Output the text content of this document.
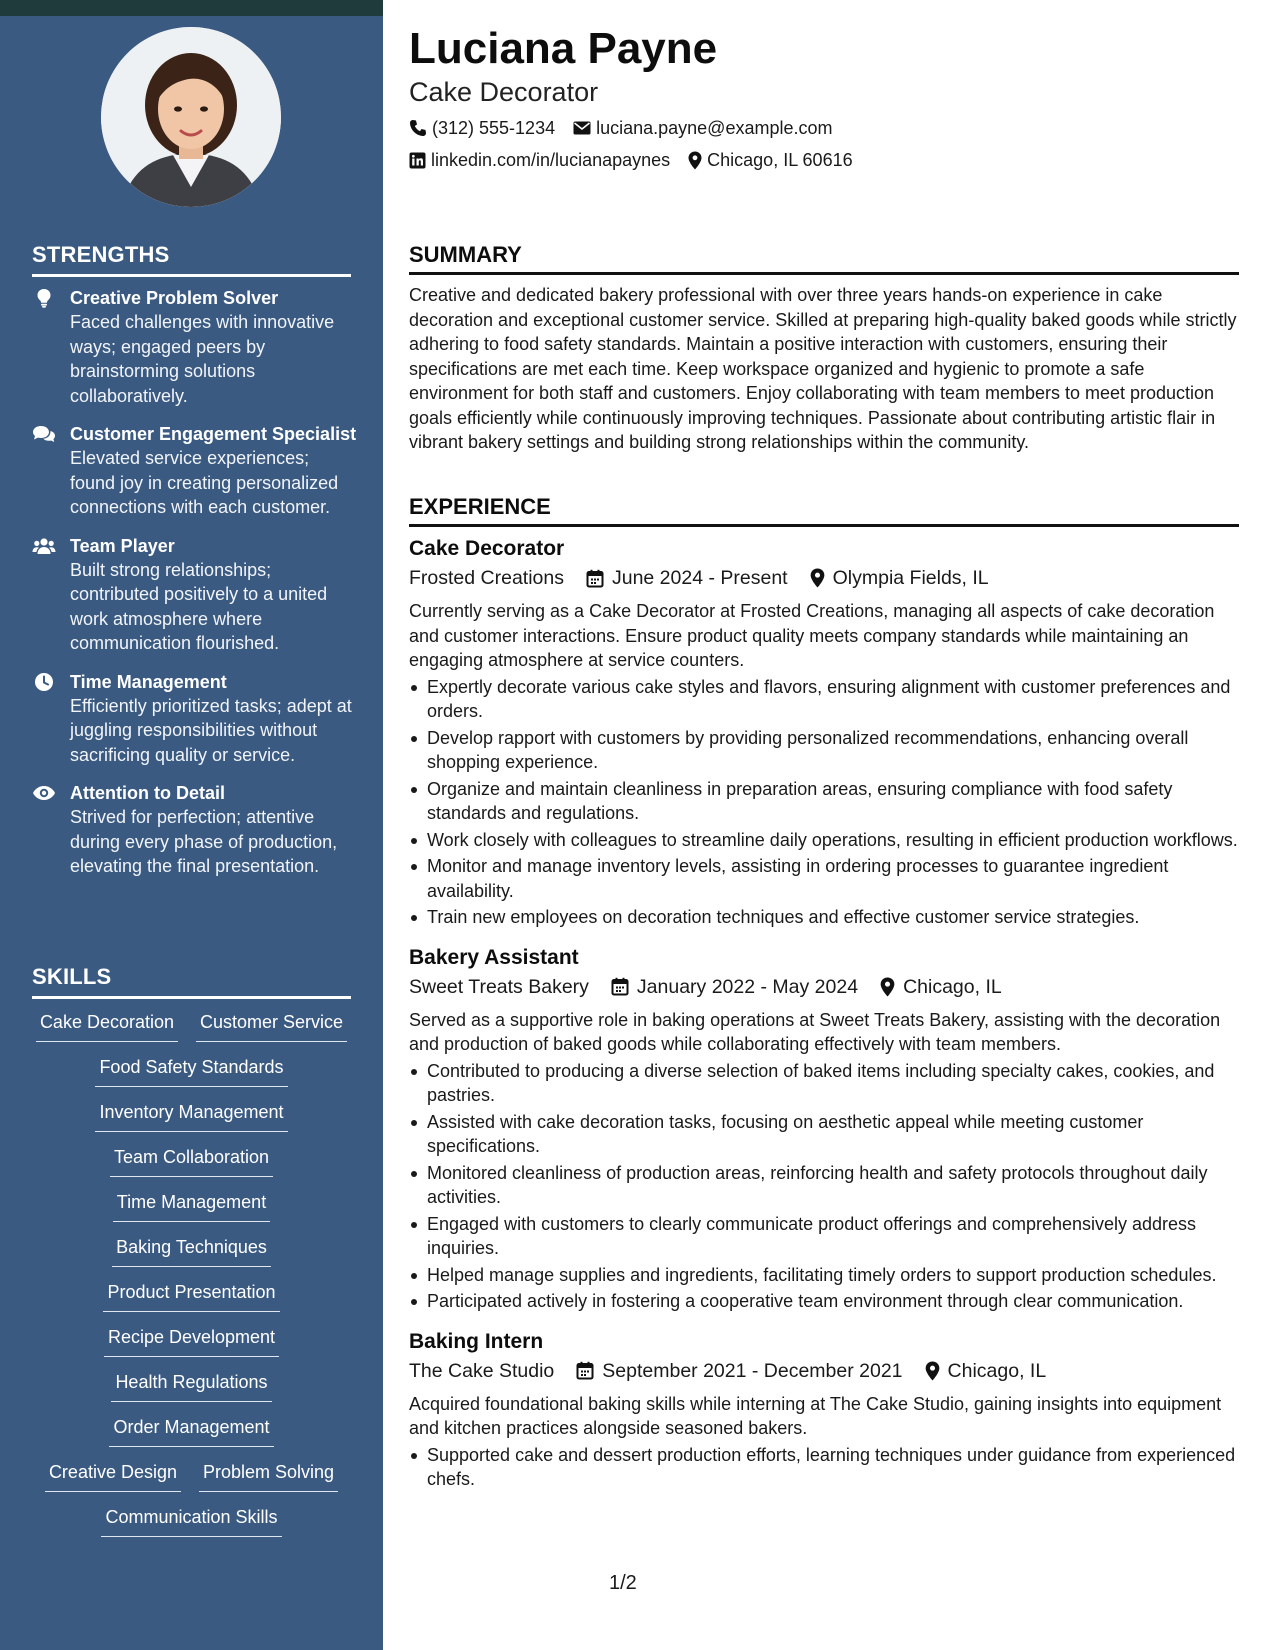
STRENGTHS
Creative Problem Solver
Faced challenges with innovative ways; engaged peers by brainstorming solutions collaboratively.
Customer Engagement Specialist
Elevated service experiences; found joy in creating personalized connections with each customer.
Team Player
Built strong relationships; contributed positively to a united work atmosphere where communication flourished.
Time Management
Efficiently prioritized tasks; adept at juggling responsibilities without sacrificing quality or service.
Attention to Detail
Strived for perfection; attentive during every phase of production, elevating the final presentation.
SKILLS
Cake Decoration Customer Service
Food Safety Standards
Inventory Management
Team Collaboration
Time Management
Baking Techniques
Product Presentation
Recipe Development
Health Regulations
Order Management
Creative Design Problem Solving
Communication Skills
Luciana Payne
Cake Decorator
(312) 555-1234 luciana.payne@example.com
linkedin.com/in/lucianapaynes Chicago, IL 60616
SUMMARY
Creative and dedicated bakery professional with over three years hands-on experience in cake decoration and exceptional customer service. Skilled at preparing high-quality baked goods while strictly adhering to food safety standards. Maintain a positive interaction with customers, ensuring their specifications are met each time. Keep workspace organized and hygienic to promote a safe environment for both staff and customers. Enjoy collaborating with team members to meet production goals efficiently while continuously improving techniques. Passionate about contributing artistic flair in vibrant bakery settings and building strong relationships within the community.
EXPERIENCE
Cake Decorator
Frosted Creations June 2024 - Present Olympia Fields, IL
Currently serving as a Cake Decorator at Frosted Creations, managing all aspects of cake decoration and customer interactions. Ensure product quality meets company standards while maintaining an engaging atmosphere at service counters.
Expertly decorate various cake styles and flavors, ensuring alignment with customer preferences and orders.
Develop rapport with customers by providing personalized recommendations, enhancing overall shopping experience.
Organize and maintain cleanliness in preparation areas, ensuring compliance with food safety standards and regulations.
Work closely with colleagues to streamline daily operations, resulting in efficient production workflows.
Monitor and manage inventory levels, assisting in ordering processes to guarantee ingredient availability.
Train new employees on decoration techniques and effective customer service strategies.
Bakery Assistant
Sweet Treats Bakery January 2022 - May 2024 Chicago, IL
Served as a supportive role in baking operations at Sweet Treats Bakery, assisting with the decoration and production of baked goods while collaborating effectively with team members.
Contributed to producing a diverse selection of baked items including specialty cakes, cookies, and pastries.
Assisted with cake decoration tasks, focusing on aesthetic appeal while meeting customer specifications.
Monitored cleanliness of production areas, reinforcing health and safety protocols throughout daily activities.
Engaged with customers to clearly communicate product offerings and comprehensively address inquiries.
Helped manage supplies and ingredients, facilitating timely orders to support production schedules.
Participated actively in fostering a cooperative team environment through clear communication.
Baking Intern
The Cake Studio September 2021 - December 2021 Chicago, IL
Acquired foundational baking skills while interning at The Cake Studio, gaining insights into equipment and kitchen practices alongside seasoned bakers.
Supported cake and dessert production efforts, learning techniques under guidance from experienced chefs.
1/2
